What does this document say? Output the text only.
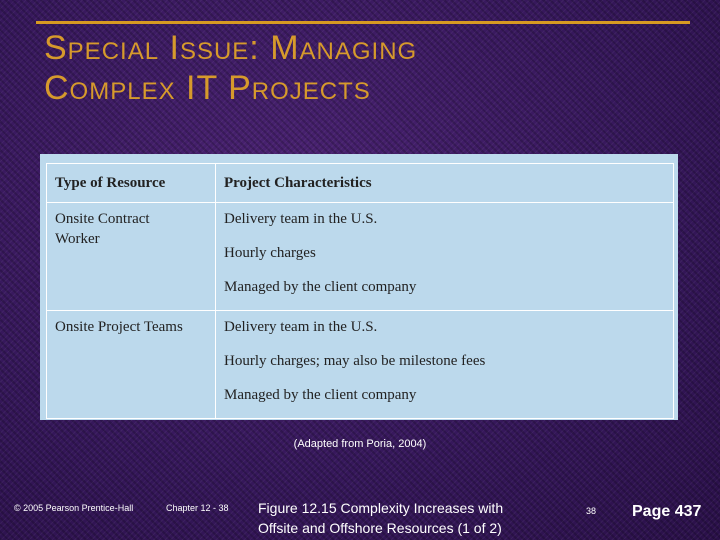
Special Issue: Managing
Complex IT Projects
Type of Resource	Project Characteristics

Onsite Contract
Worker	Delivery team in the U.S.
Hourly charges
Managed by the client company

Onsite Project Teams	Delivery team in the U.S.
Hourly charges; may also be milestone fees
Managed by the client company
(Adapted from Poria, 2004)
© 2005 Pearson Prentice-Hall	Chapter 12 - 38 Figure 12.15 Complexity Increases with
Offsite and Offshore Resources (1 of 2)
38 Page 437
